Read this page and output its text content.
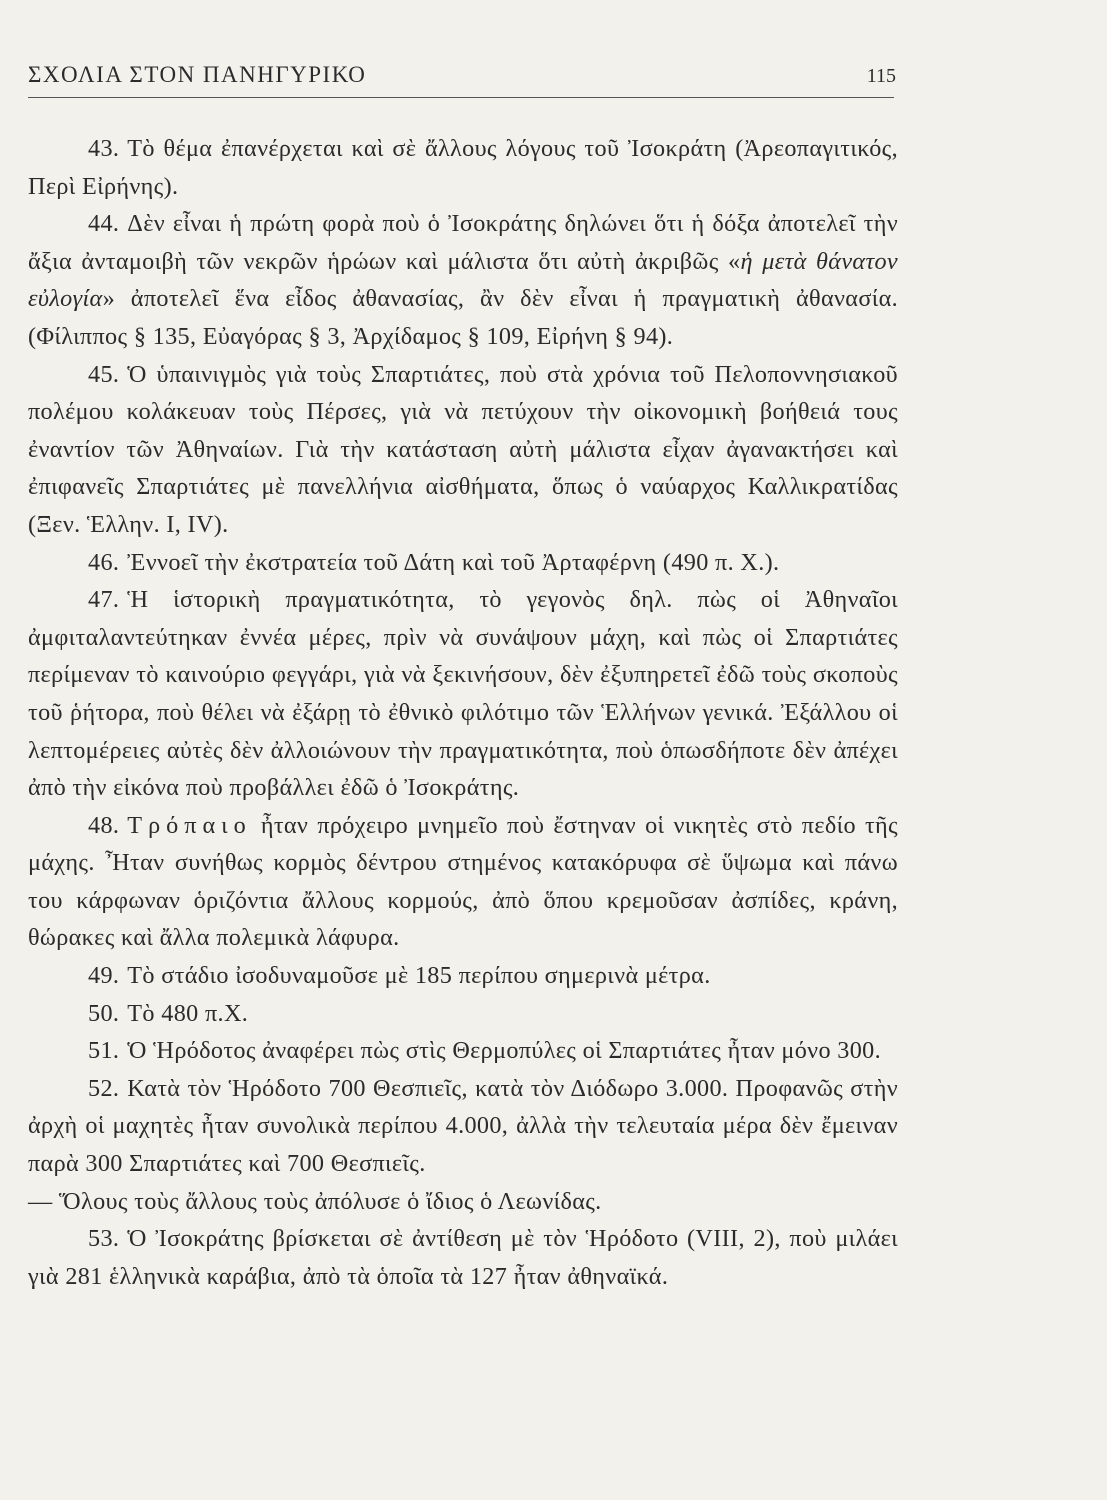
ΣΧΟΛΙΑ ΣΤΟΝ ΠΑΝΗΓΥΡΙΚΟ	115

43. Τὸ θέμα ἐπανέρχεται καὶ σὲ ἄλλους λόγους τοῦ Ἰσοκράτη (Ἀρεοπαγιτικός, Περὶ Εἰρήνης).

44. Δὲν εἶναι ἡ πρώτη φορὰ ποὺ ὁ Ἰσοκράτης δηλώνει ὅτι ἡ δόξα ἀποτελεῖ τὴν ἄξια ἀνταμοιβὴ τῶν νεκρῶν ἡρώων καὶ μάλιστα ὅτι αὐτὴ ἀκριβῶς «ἡ μετὰ θάνατον εὐλογία» ἀποτελεῖ ἕνα εἶδος ἀθανασίας, ἂν δὲν εἶναι ἡ πραγματικὴ ἀθανασία. (Φίλιππος § 135, Εὐαγόρας § 3, Ἀρχίδαμος § 109, Εἰρήνη § 94).

45. Ὁ ὑπαινιγμὸς γιὰ τοὺς Σπαρτιάτες, ποὺ στὰ χρόνια τοῦ Πελοποννησιακοῦ πολέμου κολάκευαν τοὺς Πέρσες, γιὰ νὰ πετύχουν τὴν οἰκονομικὴ βοήθειά τους ἐναντίον τῶν Ἀθηναίων. Γιὰ τὴν κατάσταση αὐτὴ μάλιστα εἶχαν ἀγανακτήσει καὶ ἐπιφανεῖς Σπαρτιάτες μὲ πανελλήνια αἰσθήματα, ὅπως ὁ ναύαρχος Καλλικρατίδας (Ξεν. Ἑλλην. Ι, IV).

46. Ἐννοεῖ τὴν ἐκστρατεία τοῦ Δάτη καὶ τοῦ Ἀρταφέρνη (490 π. Χ.).

47. Ἡ ἱστορικὴ πραγματικότητα, τὸ γεγονὸς δηλ. πὼς οἱ Ἀθηναῖοι ἀμφιταλαντεύτηκαν ἐννέα μέρες, πρὶν νὰ συνάψουν μάχη, καὶ πὼς οἱ Σπαρτιάτες περίμεναν τὸ καινούριο φεγγάρι, γιὰ νὰ ξεκινήσουν, δὲν ἐξυπηρετεῖ ἐδῶ τοὺς σκοποὺς τοῦ ῥήτορα, ποὺ θέλει νὰ ἐξάρῃ τὸ ἐθνικὸ φιλότιμο τῶν Ἑλλήνων γενικά. Ἐξάλλου οἱ λεπτομέρειες αὐτὲς δὲν ἀλλοιώνουν τὴν πραγματικότητα, ποὺ ὁπωσδήποτε δὲν ἀπέχει ἀπὸ τὴν εἰκόνα ποὺ προβάλλει ἐδῶ ὁ Ἰσοκράτης.

48. Τρόπαιο ἦταν πρόχειρο μνημεῖο ποὺ ἔστηναν οἱ νικητὲς στὸ πεδίο τῆς μάχης. Ἦταν συνήθως κορμὸς δέντρου στημένος κατακόρυφα σὲ ὕψωμα καὶ πάνω του κάρφωναν ὁριζόντια ἄλλους κορμούς, ἀπὸ ὅπου κρεμοῦσαν ἀσπίδες, κράνη, θώρακες καὶ ἄλλα πολεμικὰ λάφυρα.

49. Τὸ στάδιο ἰσοδυναμοῦσε μὲ 185 περίπου σημερινὰ μέτρα.

50. Τὸ 480 π.Χ.

51. Ὁ Ἡρόδοτος ἀναφέρει πὼς στὶς Θερμοπύλες οἱ Σπαρτιάτες ἦταν μόνο 300.

52. Κατὰ τὸν Ἡρόδοτο 700 Θεσπιεῖς, κατὰ τὸν Διόδωρο 3.000. Προφανῶς στὴν ἀρχὴ οἱ μαχητὲς ἦταν συνολικὰ περίπου 4.000, ἀλλὰ τὴν τελευταία μέρα δὲν ἔμειναν παρὰ 300 Σπαρτιάτες καὶ 700 Θεσπιεῖς.

— Ὅλους τοὺς ἄλλους τοὺς ἀπόλυσε ὁ ἴδιος ὁ Λεωνίδας.

53. Ὁ Ἰσοκράτης βρίσκεται σὲ ἀντίθεση μὲ τὸν Ἡρόδοτο (VIII, 2), ποὺ μιλάει γιὰ 281 ἑλληνικὰ καράβια, ἀπὸ τὰ ὁποῖα τὰ 127 ἦταν ἀθηναϊκά.
